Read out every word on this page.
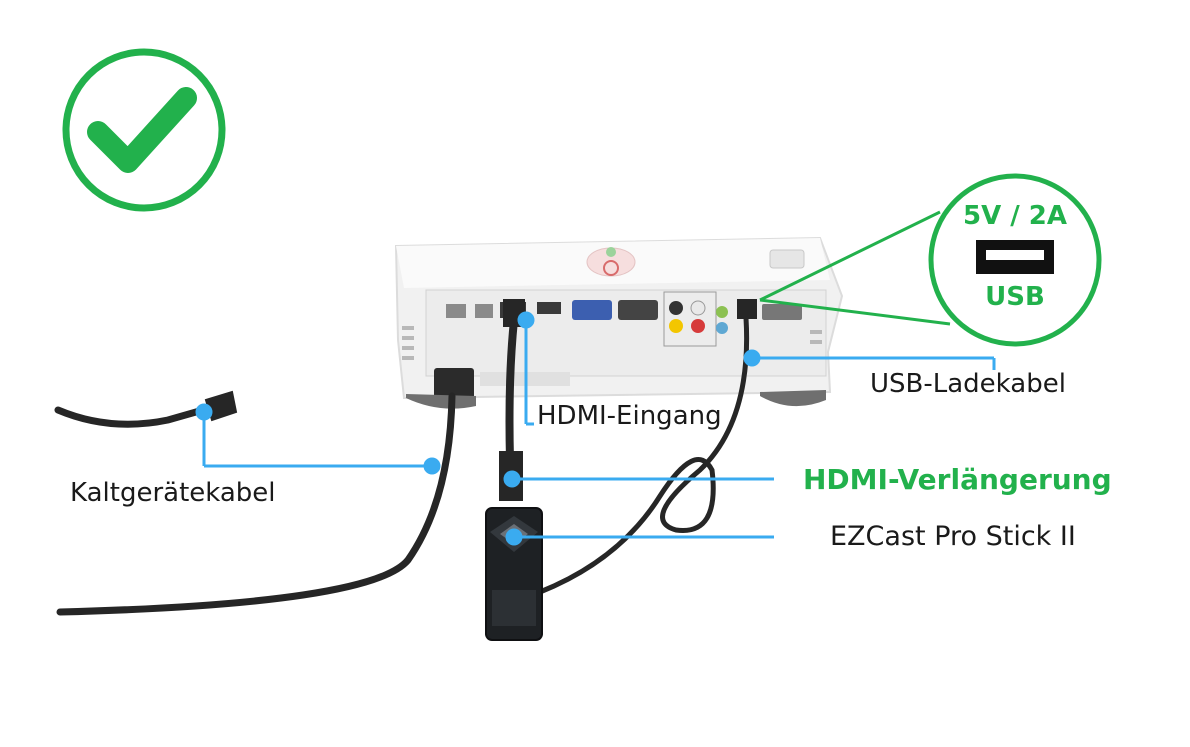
5V / 2A
USB
Kaltgerätekabel
HDMI-Eingang
USB-Ladekabel
HDMI-Verlängerung
EZCast Pro Stick II
